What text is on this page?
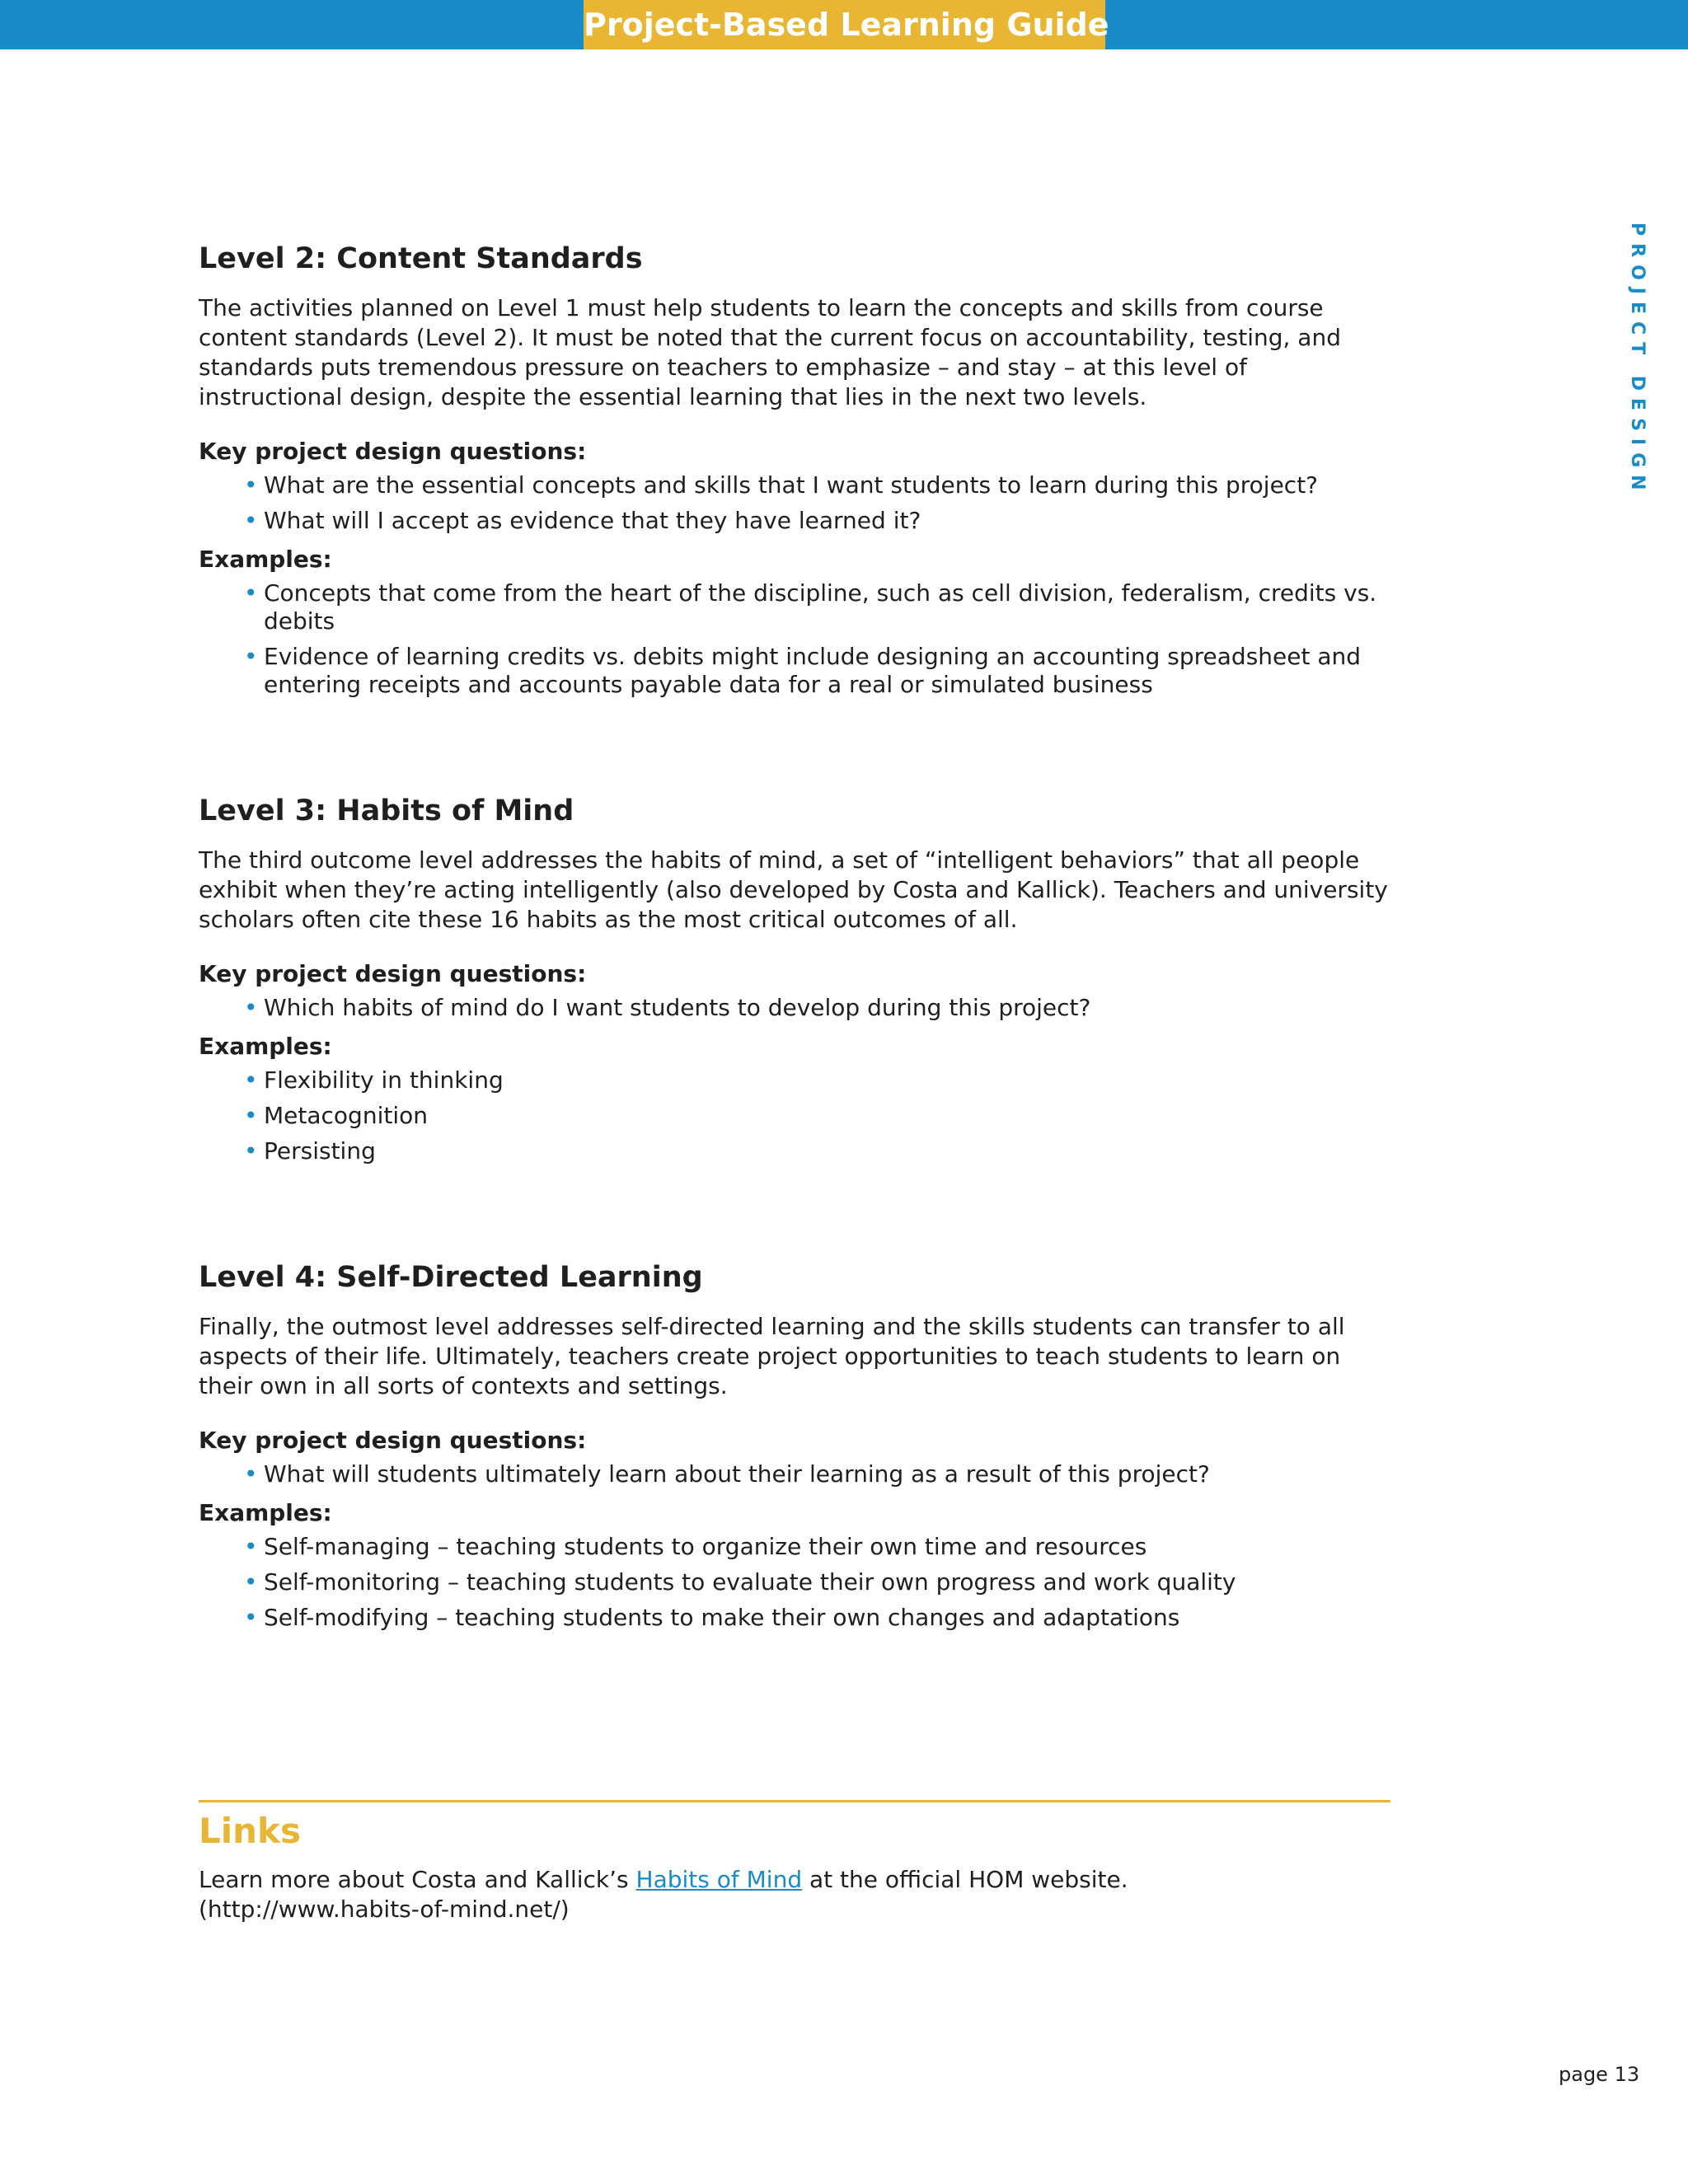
Project-Based Learning Guide
PROJECT DESIGN
Level 2: Content Standards

The activities planned on Level 1 must help students to learn the concepts and skills from course content standards (Level 2). It must be noted that the current focus on accountability, testing, and standards puts tremendous pressure on teachers to emphasize – and stay – at this level of instructional design, despite the essential learning that lies in the next two levels.

Key project design questions:
• What are the essential concepts and skills that I want students to learn during this project?
• What will I accept as evidence that they have learned it?
Examples:
• Concepts that come from the heart of the discipline, such as cell division, federalism, credits vs. debits
• Evidence of learning credits vs. debits might include designing an accounting spreadsheet and entering receipts and accounts payable data for a real or simulated business
Level 3: Habits of Mind

The third outcome level addresses the habits of mind, a set of “intelligent behaviors” that all people exhibit when they’re acting intelligently (also developed by Costa and Kallick). Teachers and university scholars often cite these 16 habits as the most critical outcomes of all.

Key project design questions:
• Which habits of mind do I want students to develop during this project?
Examples:
• Flexibility in thinking
• Metacognition
• Persisting
Level 4: Self-Directed Learning

Finally, the outmost level addresses self-directed learning and the skills students can transfer to all aspects of their life. Ultimately, teachers create project opportunities to teach students to learn on their own in all sorts of contexts and settings.

Key project design questions:
• What will students ultimately learn about their learning as a result of this project?
Examples:
• Self-managing – teaching students to organize their own time and resources
• Self-monitoring – teaching students to evaluate their own progress and work quality
• Self-modifying – teaching students to make their own changes and adaptations
Links

Learn more about Costa and Kallick’s Habits of Mind at the official HOM website.
(http://www.habits-of-mind.net/)

page 13
